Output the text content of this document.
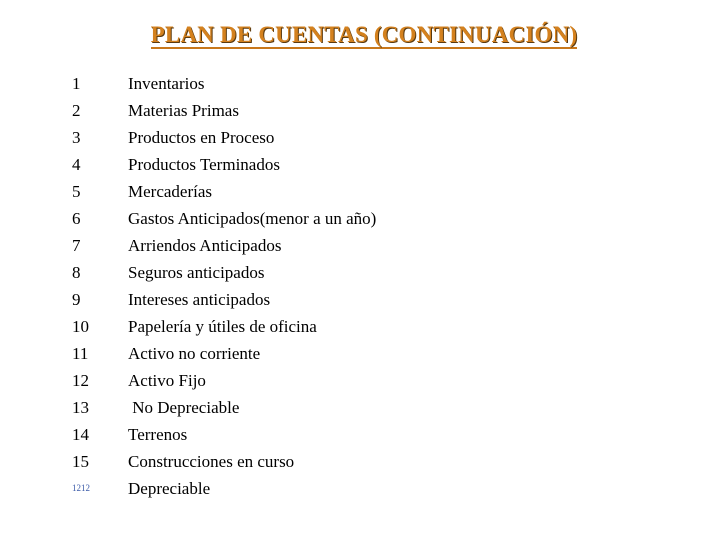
PLAN DE CUENTAS (CONTINUACIÓN)
1	Inventarios
2	Materias Primas
3	Productos en Proceso
4	Productos Terminados
5	Mercaderías
6	Gastos Anticipados(menor a un año)
7	Arriendos Anticipados
8	Seguros anticipados
9	Intereses anticipados
10	Papelería y útiles de oficina
11	Activo no corriente
12	Activo Fijo
13	No Depreciable
14	Terrenos
15	Construcciones en curso
1212	Depreciable
